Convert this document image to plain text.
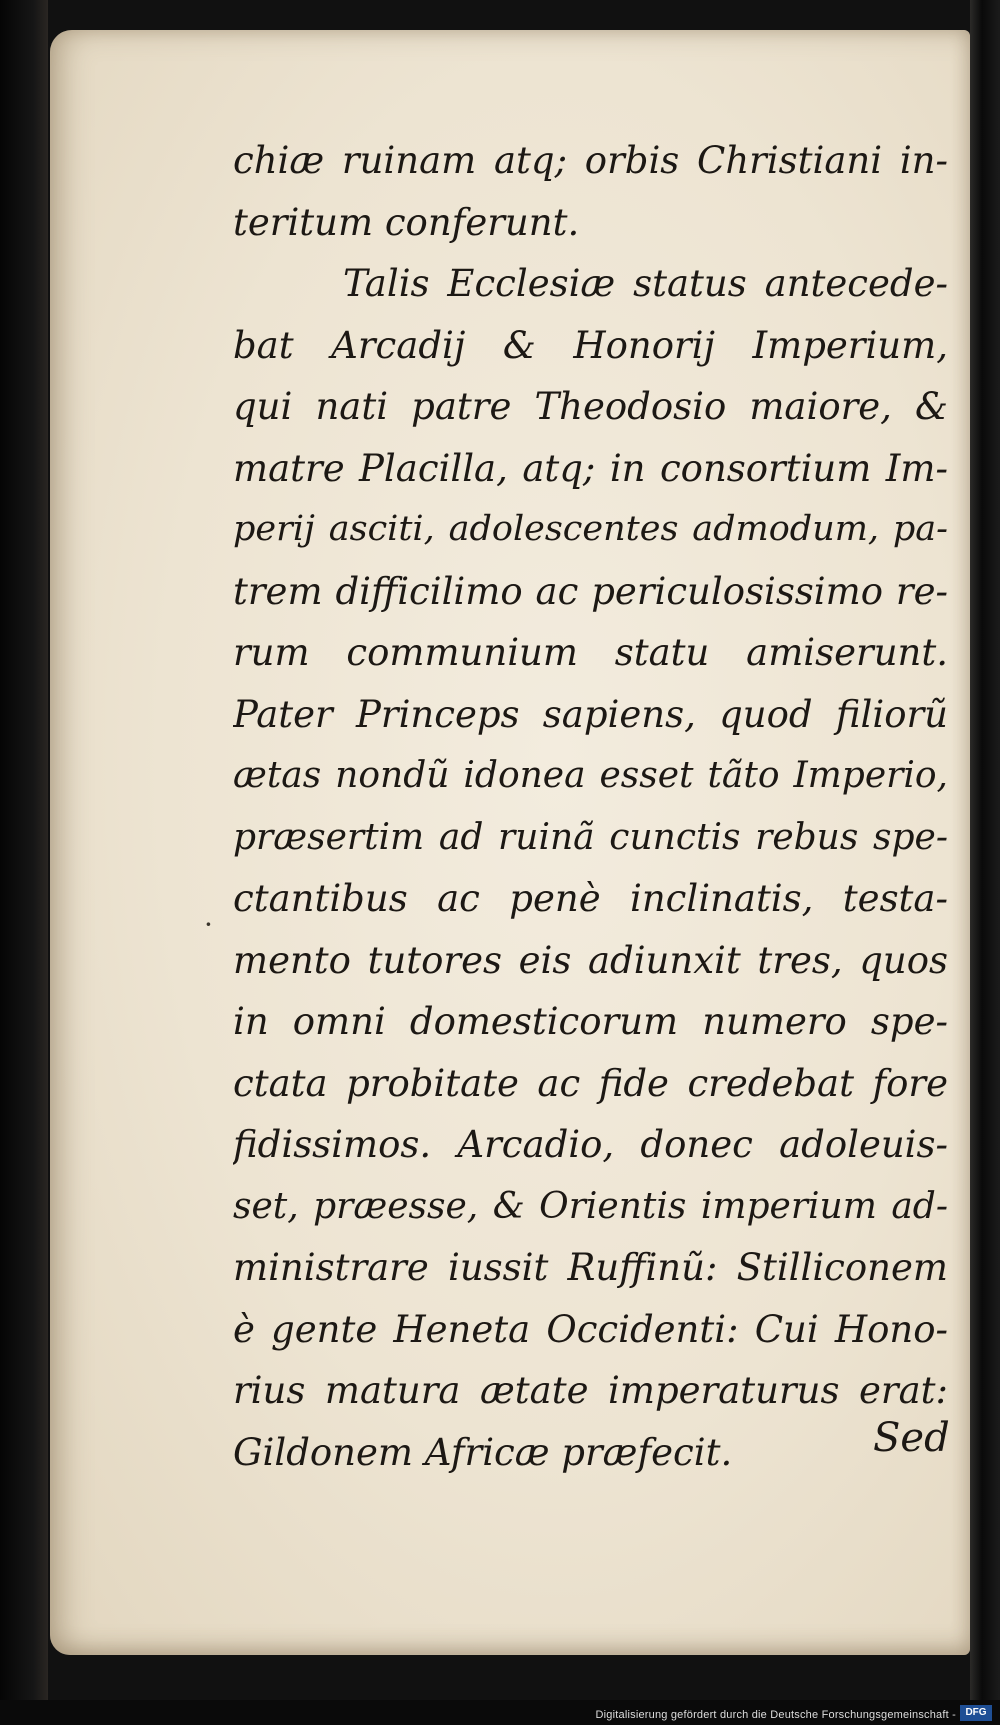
·
chiæ ruinam atq; orbis Christiani in-
teritum conferunt.
Talis Ecclesiæ status antecede-
bat Arcadij & Honorij Imperium,
qui nati patre Theodosio maiore, &
matre Placilla, atq; in consortium Im-
perij asciti, adolescentes admodum, pa-
trem difficilimo ac periculosissimo re-
rum communium statu amiserunt.
Pater Princeps sapiens, quod filiorũ
ætas nondũ idonea esset tãto Imperio,
præsertim ad ruinã cunctis rebus spe-
ctantibus ac penè inclinatis, testa-
mento tutores eis adiunxit tres, quos
in omni domesticorum numero spe-
ctata probitate ac fide credebat fore
fidissimos. Arcadio, donec adoleuis-
set, præesse, & Orientis imperium ad-
ministrare iussit Ruffinũ: Stilliconem
è gente Heneta Occidenti: Cui Hono-
rius matura ætate imperaturus erat:
Gildonem Africæ præfecit.	Sed
Digitalisierung gefördert durch die Deutsche Forschungsgemeinschaft - DFG
